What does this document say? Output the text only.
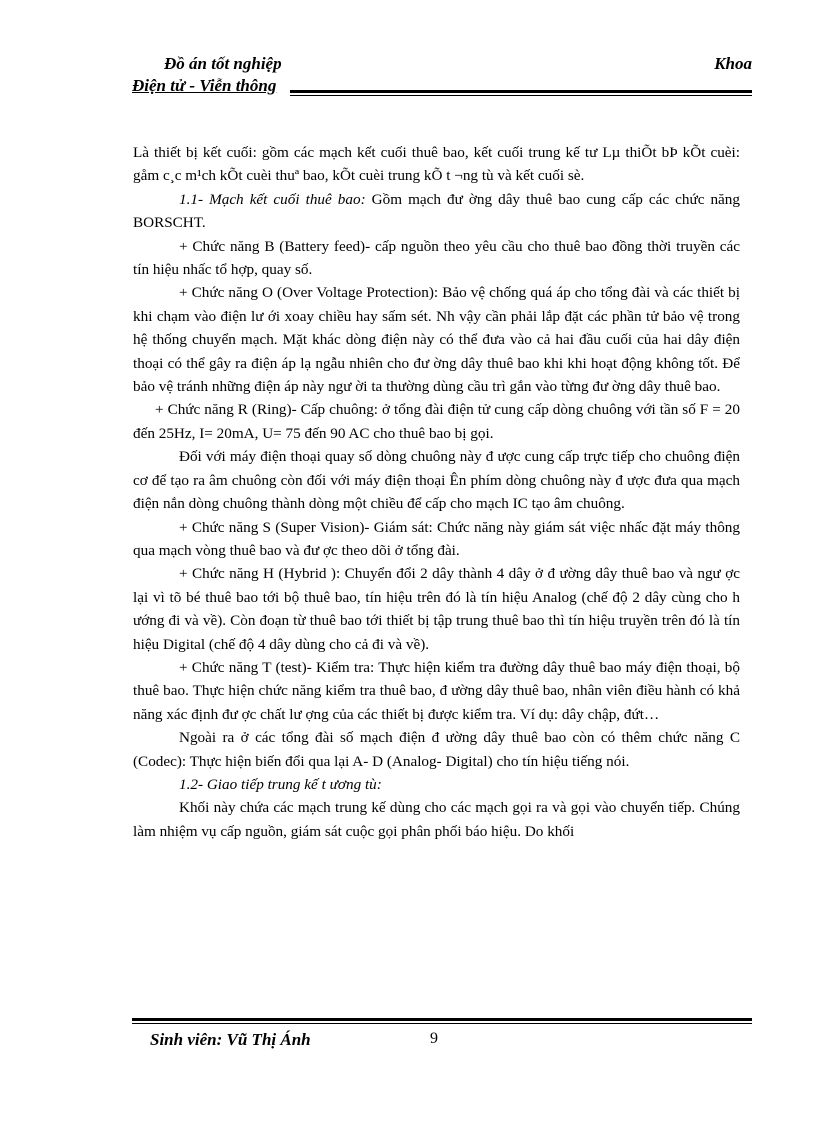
Đồ án tốt nghiệp	Khoa
Điện tử - Viễn thông

Là thiết bị kết cuối: gồm các mạch kết cuối thuê bao, kết cuối trung kế tư Lµ thiÕt bÞ kÕt cuèi: gåm c¸c m¹ch kÕt cuèi thuª bao, kÕt cuèi trung kÕ t ¬ng tù và kết cuối sè.

1.1- Mạch kết cuối thuê bao: Gồm mạch đư ờng dây thuê bao cung cấp các chức năng BORSCHT.

+ Chức năng B (Battery feed)- cấp nguồn theo yêu cầu cho thuê bao đồng thời truyền các tín hiệu nhấc tổ hợp, quay số.

+ Chức năng O (Over Voltage Protection): Bảo vệ chống quá áp cho tổng đài và các thiết bị khi chạm vào điện lư ới xoay chiều hay sấm sét. Nh vậy cần phải lắp đặt các phần tử bảo vệ trong hệ thống chuyển mạch. Mặt khác dòng điện này có thể đưa vào cả hai đầu cuối của hai dây điện thoại có thể gây ra điện áp lạ ngẫu nhiên cho đư ờng dây thuê bao khi khi hoạt động không tốt. Để bảo vệ tránh những điện áp này ngư ời ta thường dùng cầu trì gắn vào từng đư ờng dây thuê bao.

+ Chức năng R (Ring)- Cấp chuông: ở tổng đài điện tử cung cấp dòng chuông với tần số F = 20 đến 25Hz, I= 20mA, U= 75 đến 90 AC cho thuê bao bị gọi.

Đối với máy điện thoại quay số dòng chuông này đ ược cung cấp trực tiếp cho chuông điện cơ để tạo ra âm chuông còn đối với máy điện thoại Ên phím dòng chuông này đ ược đưa qua mạch điện nắn dòng chuông thành dòng một chiều để cấp cho mạch IC tạo âm chuông.

+ Chức năng S (Super Vision)- Giám sát: Chức năng này giám sát việc nhấc đặt máy thông qua mạch vòng thuê bao và đư ợc theo dõi ở tổng đài.

+ Chức năng H (Hybrid ): Chuyển đổi 2 dây thành 4 dây ở đ ường dây thuê bao và ngư ợc lại vì tõ bé thuê bao tới bộ thuê bao, tín hiệu trên đó là tín hiệu Analog (chế độ 2 dây cùng cho h ướng đi và về). Còn đoạn từ thuê bao tới thiết bị tập trung thuê bao thì tín hiệu truyền trên đó là tín hiệu Digital (chế độ 4 dây dùng cho cả đi và về).

+ Chức năng T (test)- Kiểm tra: Thực hiện kiểm tra đường dây thuê bao máy điện thoại, bộ thuê bao. Thực hiện chức năng kiểm tra thuê bao, đ ường dây thuê bao, nhân viên điều hành có khả năng xác định đư ợc chất lư ợng của các thiết bị được kiểm tra. Ví dụ: dây chập, đứt…

Ngoài ra ở các tổng đài số mạch điện đ ường dây thuê bao còn có thêm chức năng C (Codec): Thực hiện biến đổi qua lại A- D (Analog- Digital) cho tín hiệu tiếng nói.

1.2- Giao tiếp trung kế t ương tù:

Khối này chứa các mạch trung kế dùng cho các mạch gọi ra và gọi vào chuyển tiếp. Chúng làm nhiệm vụ cấp nguồn, giám sát cuộc gọi phân phối báo hiệu. Do khối

Sinh viên: Vũ Thị Ánh	9
